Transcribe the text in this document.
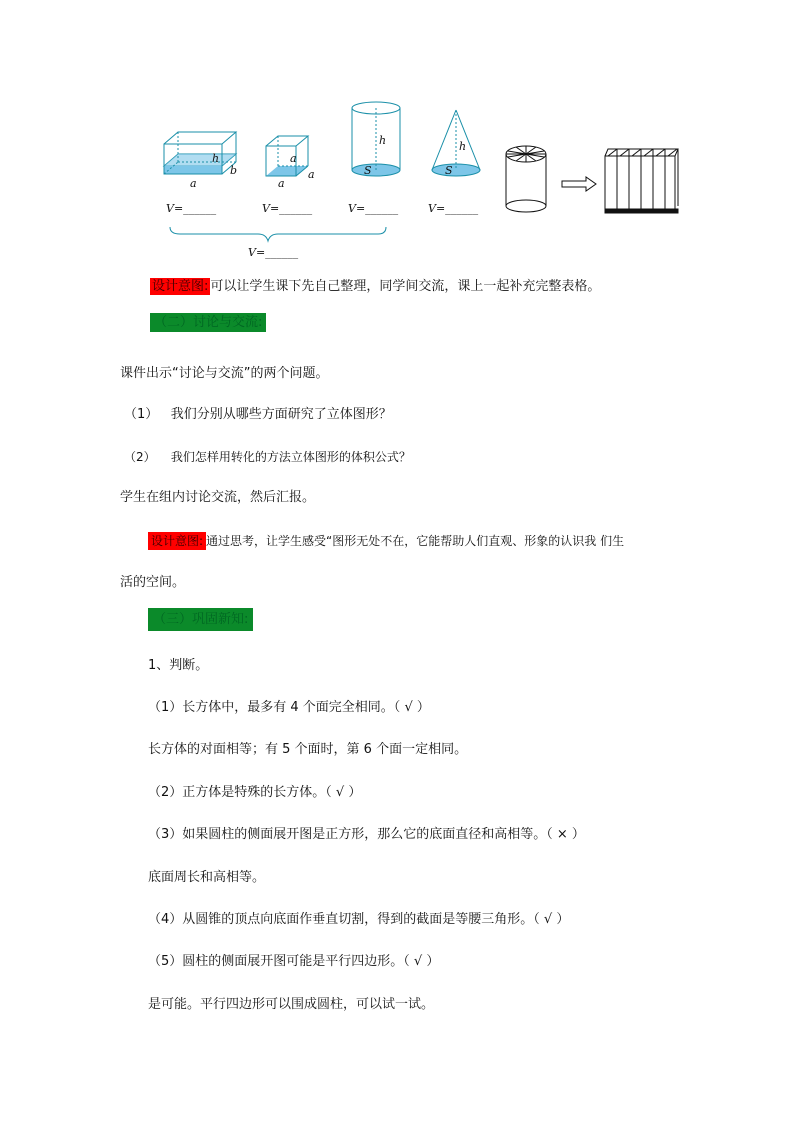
h
a
b
a
a
a
h
S
h
S
V=______	V=______	V=______	V=______
V=______
设计意图: 可以让学生课下先自己整理，同学间交流，课上一起补充完整表格。
（二）讨论与交流:
课件出示“讨论与交流”的两个问题。
（1） 我们分别从哪些方面研究了立体图形？
（2） 我们怎样用转化的方法立体图形的体积公式？
学生在组内讨论交流，然后汇报。
设计意图: 通过思考，让学生感受“图形无处不在，它能帮助人们直观、形象的认识我 们生
活的空间。
（三）巩固新知:
1、判断。
（1）长方体中，最多有 4 个面完全相同。（ √ ）
长方体的对面相等；有 5 个面时，第 6 个面一定相同。
（2）正方体是特殊的长方体。（ √ ）
（3）如果圆柱的侧面展开图是正方形，那么它的底面直径和高相等。（ × ）
底面周长和高相等。
（4）从圆锥的顶点向底面作垂直切割，得到的截面是等腰三角形。（ √ ）
（5）圆柱的侧面展开图可能是平行四边形。（ √ ）
是可能。平行四边形可以围成圆柱，可以试一试。
